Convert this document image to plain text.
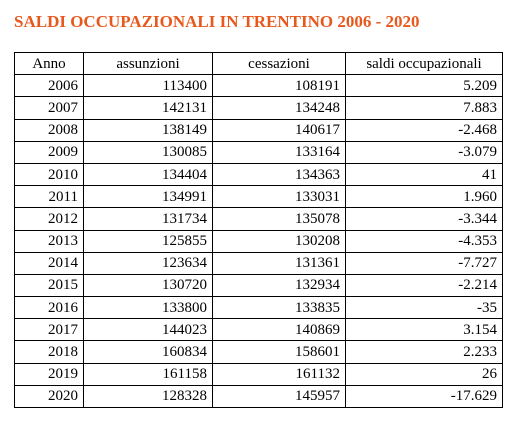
SALDI OCCUPAZIONALI IN TRENTINO 2006 - 2020
Anno	assunzioni	cessazioni	saldi occupazionali
2006	113400	108191	5.209
2007	142131	134248	7.883
2008	138149	140617	-2.468
2009	130085	133164	-3.079
2010	134404	134363	41
2011	134991	133031	1.960
2012	131734	135078	-3.344
2013	125855	130208	-4.353
2014	123634	131361	-7.727
2015	130720	132934	-2.214
2016	133800	133835	-35
2017	144023	140869	3.154
2018	160834	158601	2.233
2019	161158	161132	26
2020	128328	145957	-17.629
